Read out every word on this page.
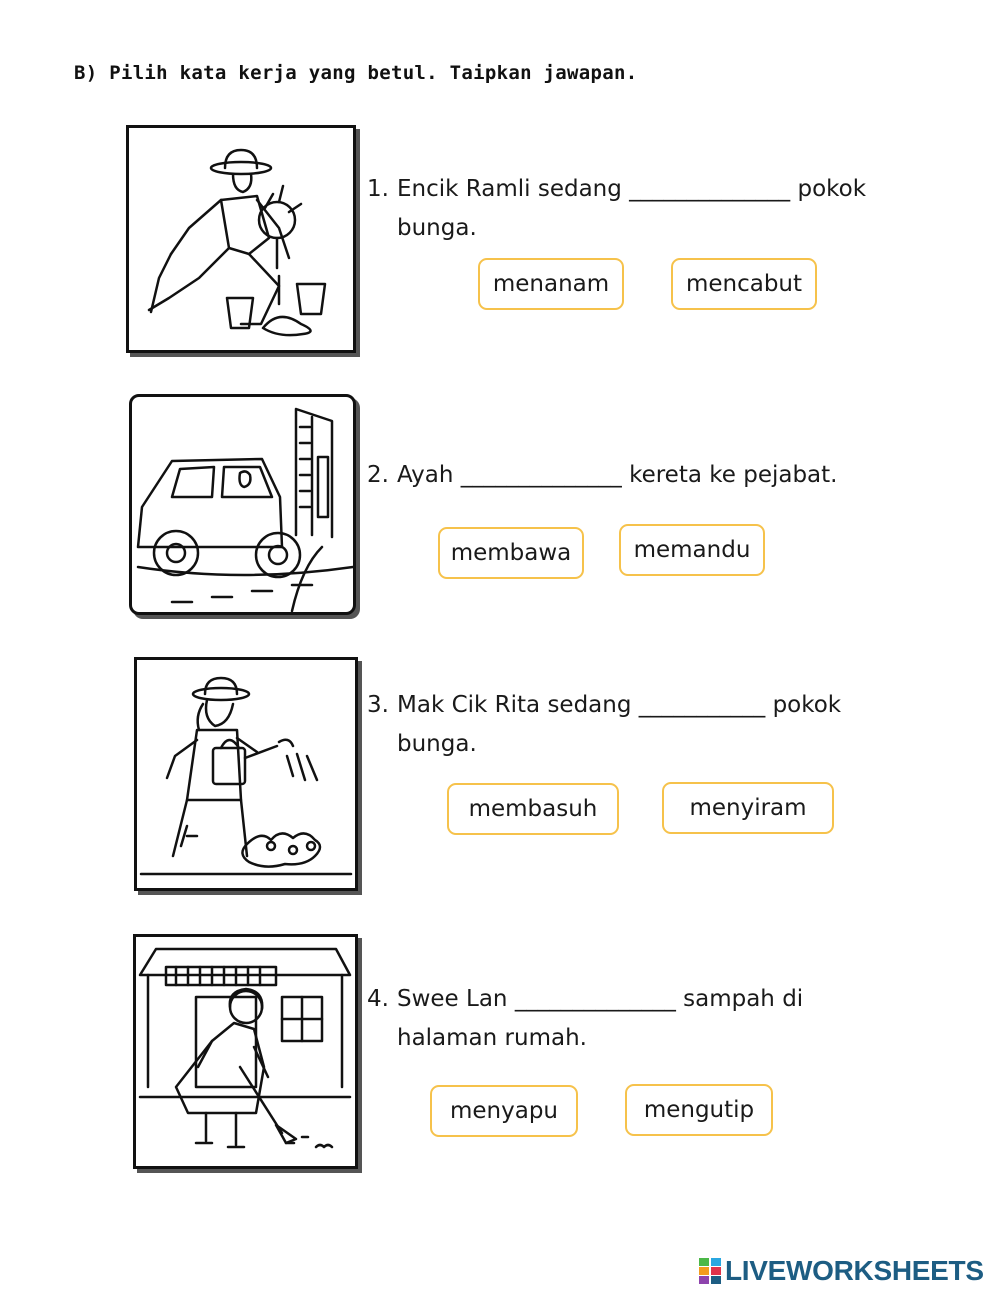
B) Pilih kata kerja yang betul. Taipkan jawapan.
1. Encik Ramli sedang ______________ pokok
bunga.
menanam	mencabut
2. Ayah ______________ kereta ke pejabat.
membawa	memandu
3. Mak Cik Rita sedang ___________ pokok
bunga.
membasuh	menyiram
4. Swee Lan ______________ sampah di
halaman rumah.
menyapu	mengutip
LIVEWORKSHEETS
